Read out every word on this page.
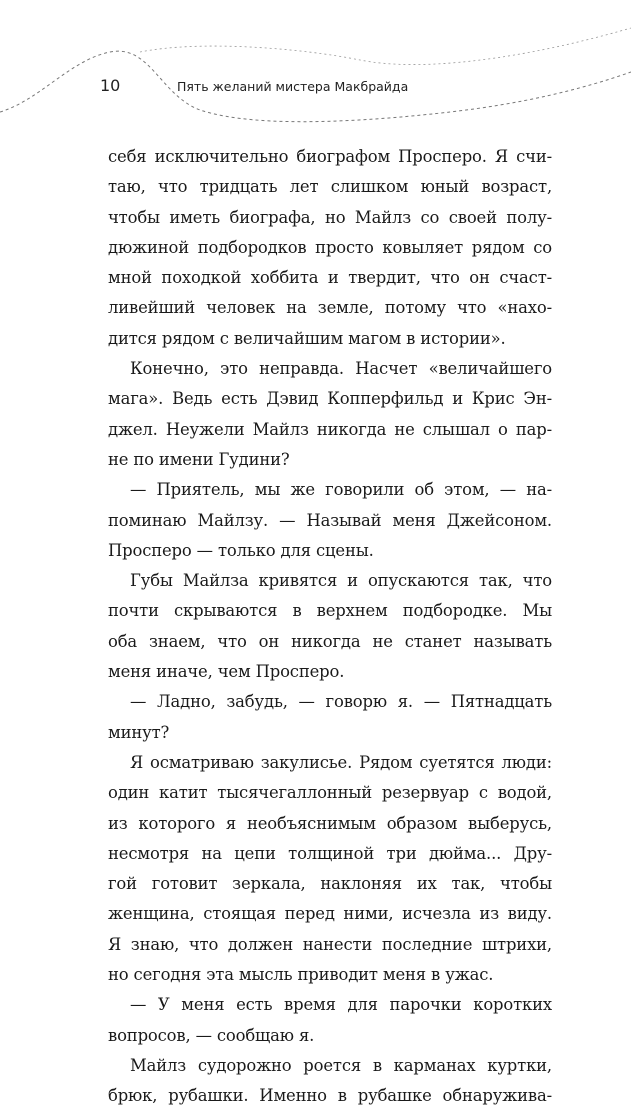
10	Пять желаний мистера Макбрайда
себя исключительно биографом Просперо. Я счи-
таю, что тридцать лет слишком юный возраст,
чтобы иметь биографа, но Майлз со своей полу-
дюжиной подбородков просто ковыляет рядом со
мной походкой хоббита и твердит, что он счаст-
ливейший человек на земле, потому что «нахо-
дится рядом с величайшим магом в истории».
Конечно, это неправда. Насчет «величайшего
мага». Ведь есть Дэвид Копперфильд и Крис Эн-
джел. Неужели Майлз никогда не слышал о пар-
не по имени Гудини?
— Приятель, мы же говорили об этом, — на-
поминаю Майлзу. — Называй меня Джейсоном.
Просперо — только для сцены.
Губы Майлза кривятся и опускаются так, что
почти скрываются в верхнем подбородке. Мы
оба знаем, что он никогда не станет называть
меня иначе, чем Просперо.
— Ладно, забудь, — говорю я. — Пятнадцать
минут?
Я осматриваю закулисье. Рядом суетятся люди:
один катит тысячегаллонный резервуар с водой,
из которого я необъяснимым образом выберусь,
несмотря на цепи толщиной три дюйма... Дру-
гой готовит зеркала, наклоняя их так, чтобы
женщина, стоящая перед ними, исчезла из виду.
Я знаю, что должен нанести последние штрихи,
но сегодня эта мысль приводит меня в ужас.
— У меня есть время для парочки коротких
вопросов, — сообщаю я.
Майлз судорожно роется в карманах куртки,
брюк, рубашки. Именно в рубашке обнаружива-
